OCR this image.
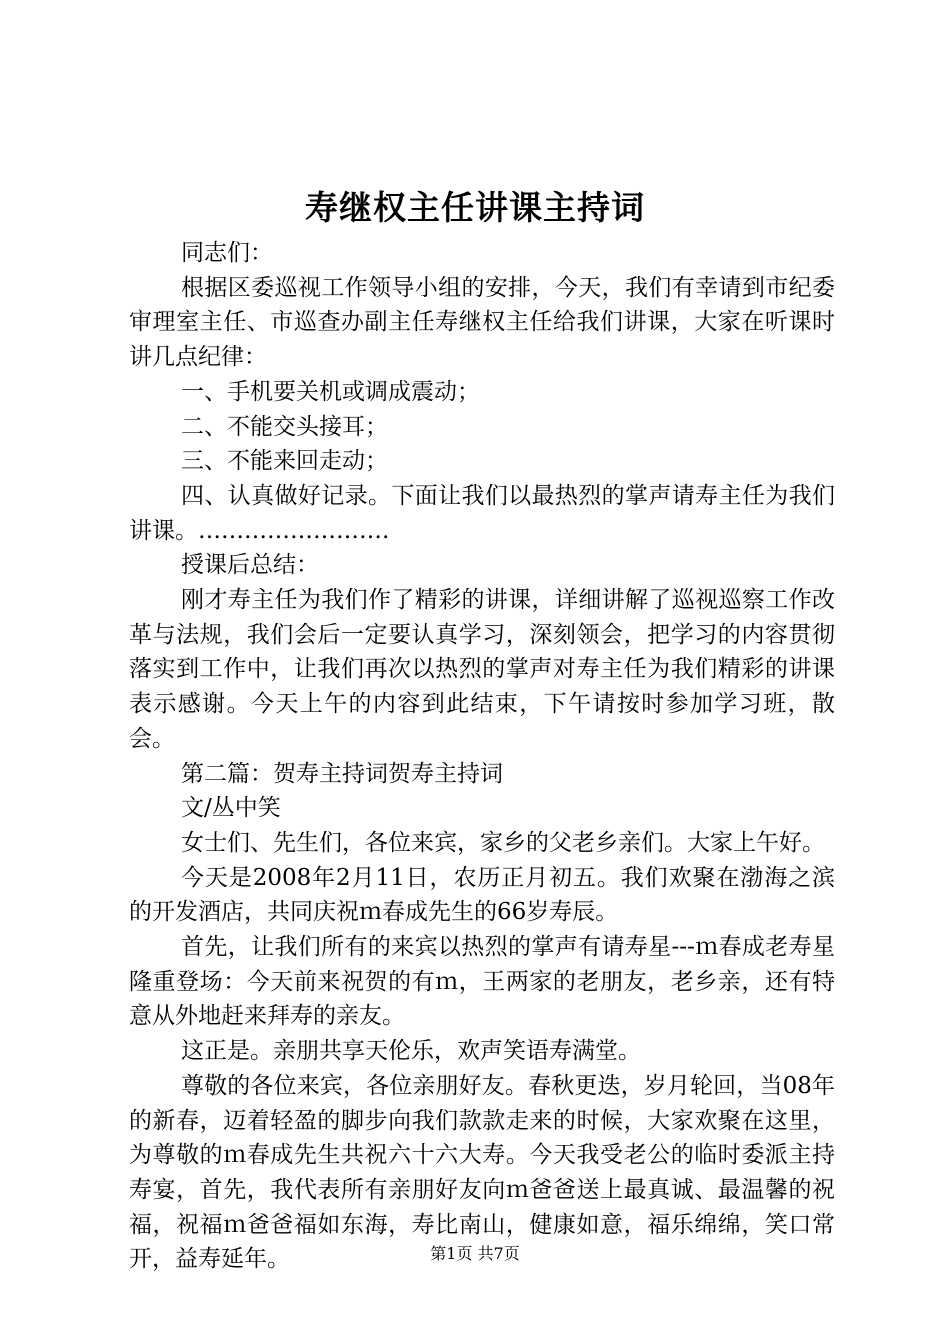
寿继权主任讲课主持词

同志们：

根据区委巡视工作领导小组的安排，今天，我们有幸请到市纪委审理室主任、市巡查办副主任寿继权主任给我们讲课，大家在听课时讲几点纪律：

一、手机要关机或调成震动；

二、不能交头接耳；

三、不能来回走动；

四、认真做好记录。下面让我们以最热烈的掌声请寿主任为我们讲课。…………………….

授课后总结：

刚才寿主任为我们作了精彩的讲课，详细讲解了巡视巡察工作改革与法规，我们会后一定要认真学习，深刻领会，把学习的内容贯彻落实到工作中，让我们再次以热烈的掌声对寿主任为我们精彩的讲课表示感谢。今天上午的内容到此结束，下午请按时参加学习班，散会。

第二篇：贺寿主持词贺寿主持词

文/丛中笑

女士们、先生们，各位来宾，家乡的父老乡亲们。大家上午好。

今天是2008年2月11日，农历正月初五。我们欢聚在渤海之滨的开发酒店，共同庆祝ｍ春成先生的66岁寿辰。

首先，让我们所有的来宾以热烈的掌声有请寿星---ｍ春成老寿星隆重登场：今天前来祝贺的有ｍ，王两家的老朋友，老乡亲，还有特意从外地赶来拜寿的亲友。

这正是。亲朋共享天伦乐，欢声笑语寿满堂。

尊敬的各位来宾，各位亲朋好友。春秋更迭，岁月轮回，当08年的新春，迈着轻盈的脚步向我们款款走来的时候，大家欢聚在这里，为尊敬的ｍ春成先生共祝六十六大寿。今天我受老公的临时委派主持寿宴，首先，我代表所有亲朋好友向ｍ爸爸送上最真诚、最温馨的祝福，祝福ｍ爸爸福如东海，寿比南山，健康如意，福乐绵绵，笑口常开，益寿延年。	第1页 共7页
